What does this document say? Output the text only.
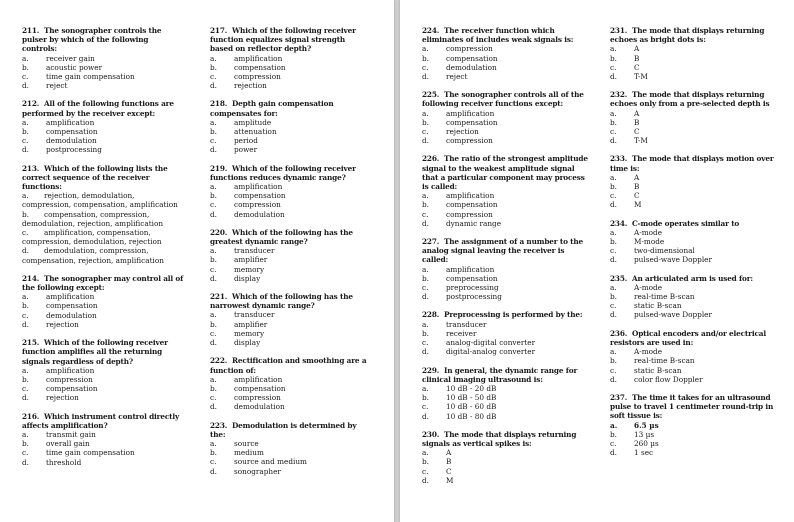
211. The sonographer controls the pulser by which of the following controls:
a.	receiver gain
b.	acoustic power
c.	time gain compensation
d.	reject
212. All of the following functions are performed by the receiver except:
a.	amplification
b.	compensation
c.	demodulation
d.	postprocessing
213. Which of the following lists the correct sequence of the receiver functions:
a. rejection, demodulation, compression, compensation, amplification
b. compensation, compression, demodulation, rejection, amplification
c. amplification, compensation, compression, demodulation, rejection
d. demodulation, compression, compensation, rejection, amplification
214. The sonographer may control all of the following except:
a.	amplification
b.	compensation
c.	demodulation
d.	rejection
215. Which of the following receiver function amplifies all the returning signals regardless of depth?
a.	amplification
b.	compression
c.	compensation
d.	rejection
216. Which instrument control directly affects amplification?
a.	transmit gain
b.	overall gain
c.	time gain compensation
d.	threshold
217. Which of the following receiver function equalizes signal strength based on reflector depth?
a.	amplification
b.	compensation
c.	compression
d.	rejection
218. Depth gain compensation compensates for:
a.	amplitude
b.	attenuation
c.	period
d.	power
219. Which of the following receiver functions reduces dynamic range?
a.	amplification
b.	compensation
c.	compression
d.	demodulation
220. Which of the following has the greatest dynamic range?
a.	transducer
b.	amplifier
c.	memory
d.	display
221. Which of the following has the narrowest dynamic range?
a.	transducer
b.	amplifier
c.	memory
d.	display
222. Rectification and smoothing are a function of:
a.	amplification
b.	compensation
c.	compression
d.	demodulation
223. Demodulation is determined by the:
a.	source
b.	medium
c.	source and medium
d.	sonographer
224. The receiver function which eliminates of includes weak signals is:
a.	compression
b.	compensation
c.	demodulation
d.	reject
225. The sonographer controls all of the following receiver functions except:
a.	amplification
b.	compensation
c.	rejection
d.	compression
226. The ratio of the strongest amplitude signal to the weakest amplitude signal that a particular component may process is called:
a.	amplification
b.	compensation
c.	compression
d.	dynamic range
227. The assignment of a number to the analog signal leaving the receiver is called:
a.	amplification
b.	compensation
c.	preprocessing
d.	postprocessing
228. Preprocessing is performed by the:
a.	transducer
b.	receiver
c.	analog-digital converter
d.	digital-analog converter
229. In general, the dynamic range for clinical imaging ultrasound is:
a.	10 dB - 20 dB
b.	10 dB - 50 dB
c.	10 dB - 60 dB
d.	10 dB - 80 dB
230. The mode that displays returning signals as vertical spikes is:
a.	A
b.	B
c.	C
d.	M
231. The mode that displays returning echoes as bright dots is:
a.	A
b.	B
c.	C
d.	T-M
232. The mode that displays returning echoes only from a pre-selected depth is
a.	A
b.	B
c.	C
d.	T-M
233. The mode that displays motion over time is:
a.	A
b.	B
c.	C
d.	M
234. C-mode operates similar to
a.	A-mode
b.	M-mode
c.	two-dimensional
d.	pulsed-wave Doppler
235. An articulated arm is used for:
a.	A-mode
b.	real-time B-scan
c.	static B-scan
d.	pulsed-wave Doppler
236. Optical encoders and/or electrical resistors are used in:
a.	A-mode
b.	real-time B-scan
c.	static B-scan
d.	color flow Doppler
237. The time it takes for an ultrasound pulse to travel 1 centimeter round-trip in soft tissue is:
a.	6.5 µs
b.	13 µs
c.	260 µs
d.	1 sec
